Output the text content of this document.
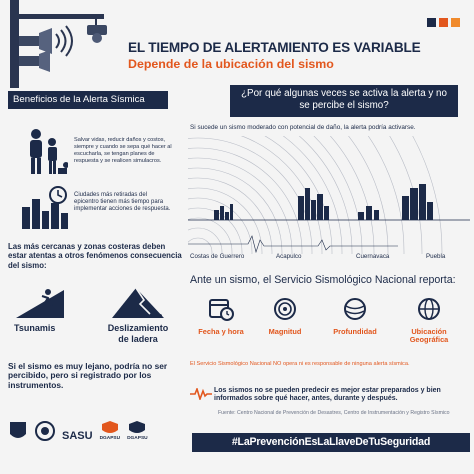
EL TIEMPO DE ALERTAMIENTO ES VARIABLE
Depende de la ubicación del sismo
Beneficios de la Alerta Sísmica
Salvar vidas, reducir daños y costos, siempre y cuando se sepa qué hacer al escucharla, se tengan planes de respuesta y se realicen simulacros.
Ciudades más retiradas del epicentro tienen más tiempo para implementar acciones de respuesta.
Las más cercanas y zonas costeras deben estar atentas a otros fenómenos consecuencia del sismo:
Tsunamis	Deslizamiento de ladera
Si el sismo es muy lejano, podría no ser percibido, pero si registrado por los instrumentos.
¿Por qué algunas veces se activa la alerta y no se percibe el sismo?
Si sucede un sismo moderado con potencial de daño, la alerta podría activarse.
Costas de Guerrero	Acapulco	Cuernavaca	Puebla
Ante un sismo, el Servicio Sismológico Nacional reporta:
Fecha y hora	Magnitud	Profundidad	Ubicación Geográfica
El Servicio Sismológico Nacional NO opera ni es responsable de ninguna alerta sísmica.
Los sismos no se pueden predecir es mejor estar preparados y bien informados sobre qué hacer, antes, durante y después.
Fuente: Centro Nacional de Prevención de Desastres, Centro de Instrumentación y Registro Sísmico
SASU DGAPSU DGAPSU	#LaPrevenciónEsLaLlaveDeTuSeguridad
